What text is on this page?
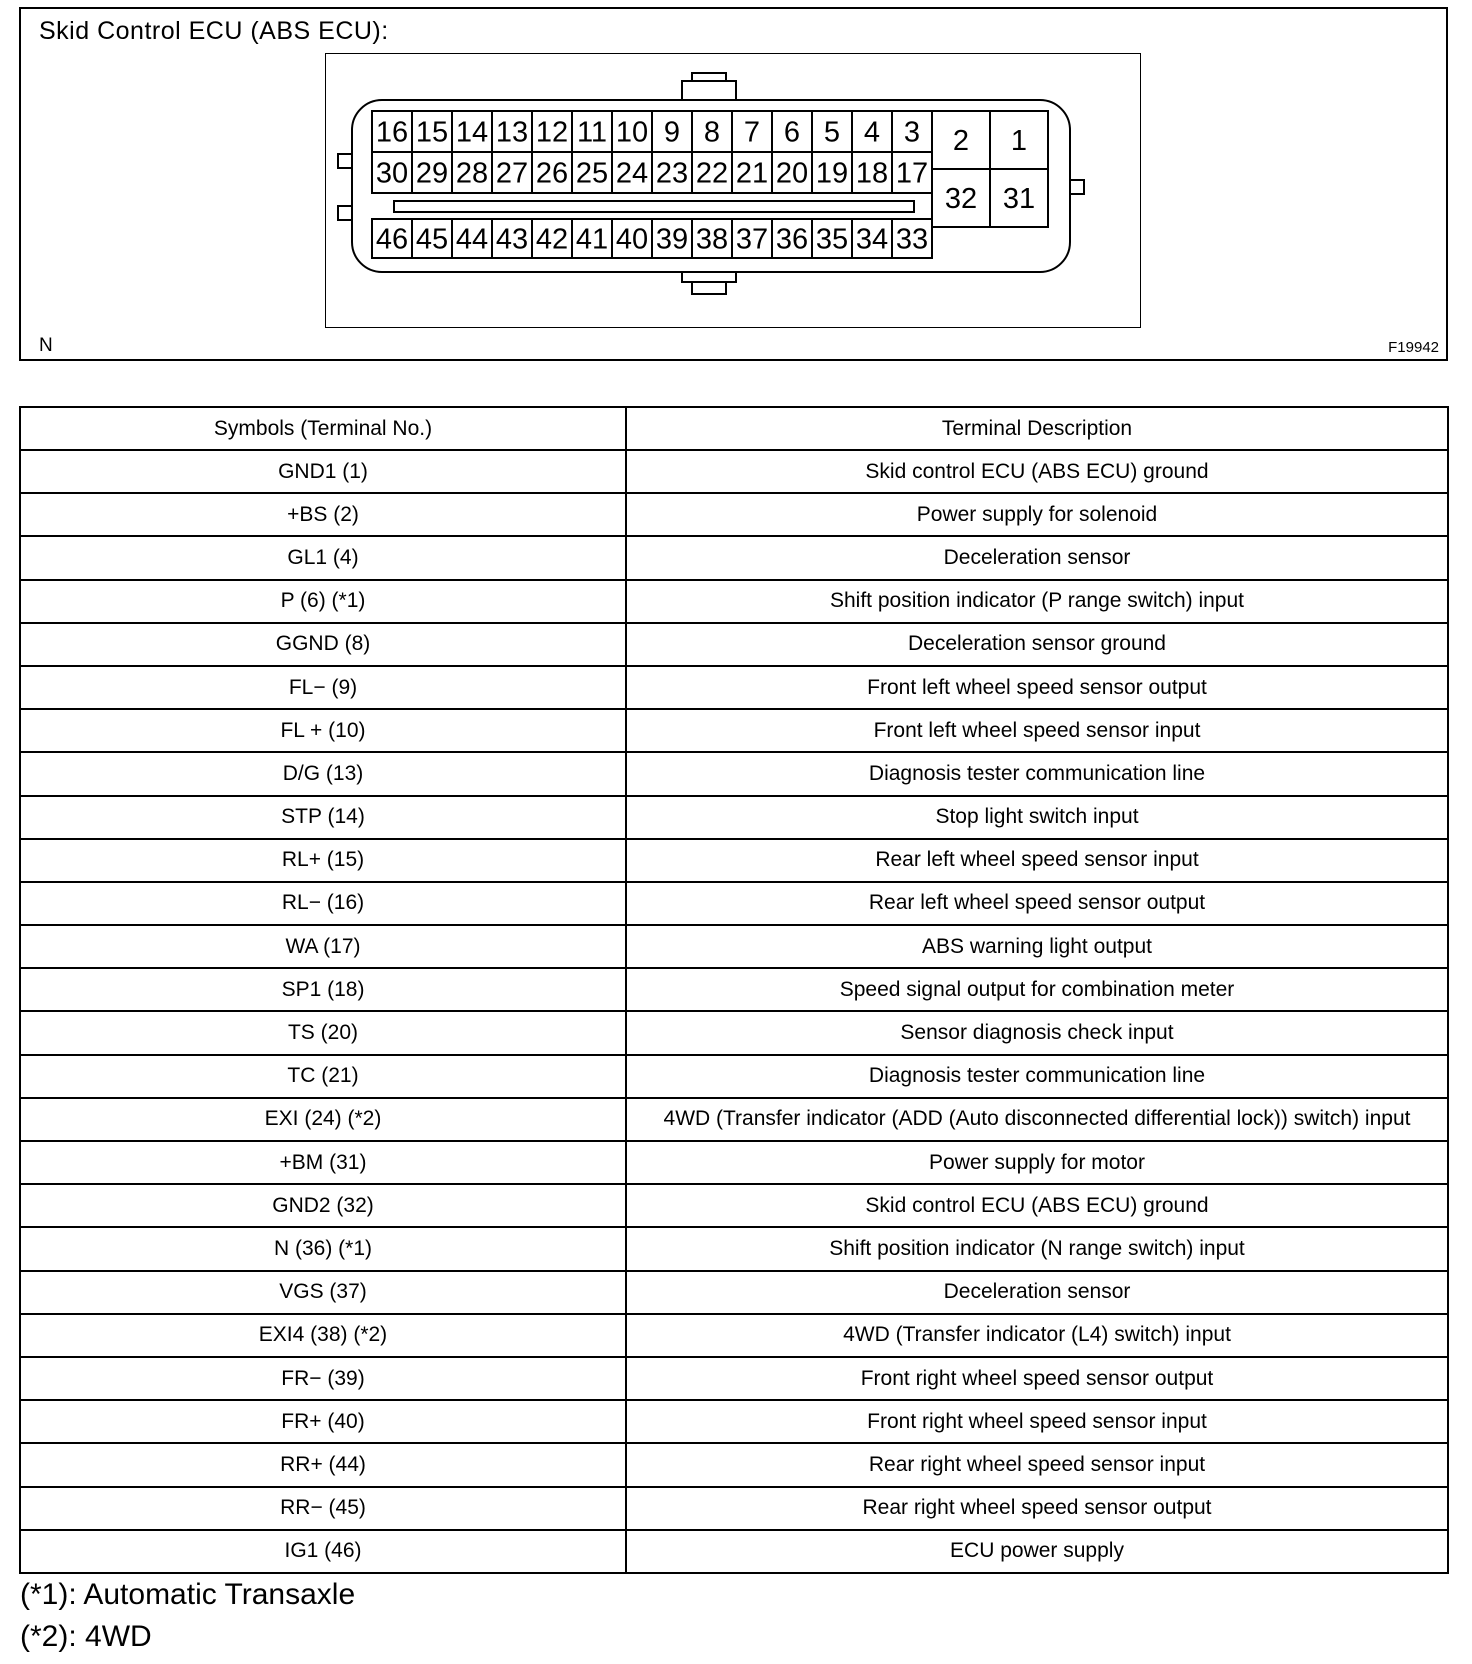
Skid Control ECU (ABS ECU):
16 15 14 13 12 11 10 9 8 7 6 5 4 3
30 29 28 27 26 25 24 23 22 21 20 19 18 17
46 45 44 43 42 41 40 39 38 37 36 35 34 33
2 1
32 31
N	F19942
Symbols (Terminal No.)	Terminal Description
GND1 (1)	Skid control ECU (ABS ECU) ground
+BS (2)	Power supply for solenoid
GL1 (4)	Deceleration sensor
P (6) (*1)	Shift position indicator (P range switch) input
GGND (8)	Deceleration sensor ground
FL− (9)	Front left wheel speed sensor output
FL + (10)	Front left wheel speed sensor input
D/G (13)	Diagnosis tester communication line
STP (14)	Stop light switch input
RL+ (15)	Rear left wheel speed sensor input
RL− (16)	Rear left wheel speed sensor output
WA (17)	ABS warning light output
SP1 (18)	Speed signal output for combination meter
TS (20)	Sensor diagnosis check input
TC (21)	Diagnosis tester communication line
EXI (24) (*2)	4WD (Transfer indicator (ADD (Auto disconnected differential lock)) switch) input
+BM (31)	Power supply for motor
GND2 (32)	Skid control ECU (ABS ECU) ground
N (36) (*1)	Shift position indicator (N range switch) input
VGS (37)	Deceleration sensor
EXI4 (38) (*2)	4WD (Transfer indicator (L4) switch) input
FR− (39)	Front right wheel speed sensor output
FR+ (40)	Front right wheel speed sensor input
RR+ (44)	Rear right wheel speed sensor input
RR− (45)	Rear right wheel speed sensor output
IG1 (46)	ECU power supply
(*1): Automatic Transaxle
(*2): 4WD
